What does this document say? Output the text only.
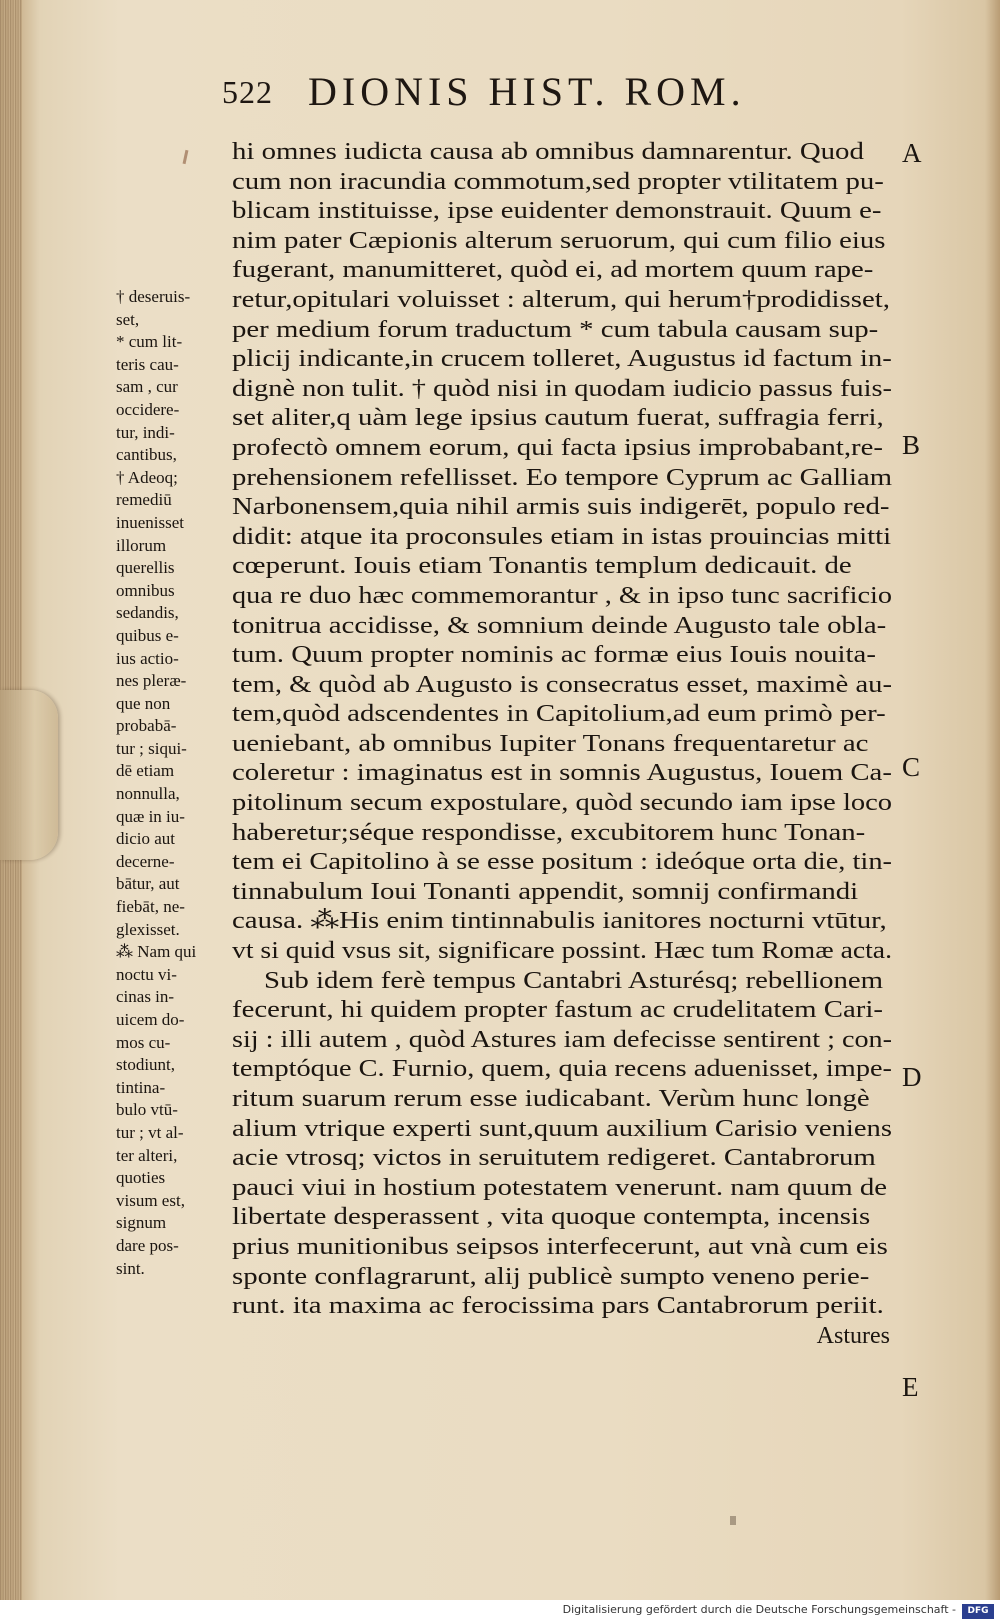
522 DIONIS HIST. ROM.
hi omnes iudicta causa ab omnibus damnarentur. Quod
cum non iracundia commotum,sed propter vtilitatem pu-
blicam instituisse, ipse euidenter demonstrauit. Quum e-
nim pater Cæpionis alterum seruorum, qui cum filio eius
fugerant, manumitteret, quòd ei, ad mortem quum rape-
retur,opitulari voluisset : alterum, qui herum†prodidisset,
per medium forum traductum * cum tabula causam sup-
plicij indicante,in crucem tolleret, Augustus id factum in-
dignè non tulit. † quòd nisi in quodam iudicio passus fuis-
set aliter,q uàm lege ipsius cautum fuerat, suffragia ferri,
profectò omnem eorum, qui facta ipsius improbabant,re-
prehensionem refellisset. Eo tempore Cyprum ac Galliam
Narbonensem,quia nihil armis suis indigerēt, populo red-
didit: atque ita proconsules etiam in istas prouincias mitti
cœperunt. Iouis etiam Tonantis templum dedicauit. de
qua re duo hæc commemorantur , & in ipso tunc sacrificio
tonitrua accidisse, & somnium deinde Augusto tale obla-
tum. Quum propter nominis ac formæ eius Iouis nouita-
tem, & quòd ab Augusto is consecratus esset, maximè au-
tem,quòd adscendentes in Capitolium,ad eum primò per-
ueniebant, ab omnibus Iupiter Tonans frequentaretur ac
coleretur : imaginatus est in somnis Augustus, Iouem Ca-
pitolinum secum expostulare, quòd secundo iam ipse loco
haberetur;séque respondisse, excubitorem hunc Tonan-
tem ei Capitolino à se esse positum : ideóque orta die, tin-
tinnabulum Ioui Tonanti appendit, somnij confirmandi
causa. ⁂His enim tintinnabulis ianitores nocturni vtūtur,
vt si quid vsus sit, significare possint. Hæc tum Romæ acta.
Sub idem ferè tempus Cantabri Asturésq; rebellionem
fecerunt, hi quidem propter fastum ac crudelitatem Cari-
sij : illi autem , quòd Astures iam defecisse sentirent ; con-
temptóque C. Furnio, quem, quia recens aduenisset, impe-
ritum suarum rerum esse iudicabant. Verùm hunc longè
alium vtrique experti sunt,quum auxilium Carisio veniens
acie vtrosq; victos in seruitutem redigeret. Cantabrorum
pauci viui in hostium potestatem venerunt. nam quum de
libertate desperassent , vita quoque contempta, incensis
prius munitionibus seipsos interfecerunt, aut vnà cum eis
sponte conflagrarunt, alij publicè sumpto veneno perie-
runt. ita maxima ac ferocissima pars Cantabrorum periit.
Astures
† deseruis-
set,
* cum lit-
teris cau-
sam , cur
occidere-
tur, indi-
cantibus,
† Adeoq;
remediū
inuenisset
illorum
querellis
omnibus
sedandis,
quibus e-
ius actio-
nes pleræ-
que non
probabā-
tur ; siqui-
dē etiam
nonnulla,
quæ in iu-
dicio aut
decerne-
bātur, aut
fiebāt, ne-
glexisset.
⁂ Nam qui
noctu vi-
cinas in-
uicem do-
mos cu-
stodiunt,
tintina-
bulo vtū-
tur ; vt al-
ter alteri,
quoties
visum est,
signum
dare pos-
sint.
A
B
C
D
E
Digitalisierung gefördert durch die Deutsche Forschungsgemeinschaft -	DFG
